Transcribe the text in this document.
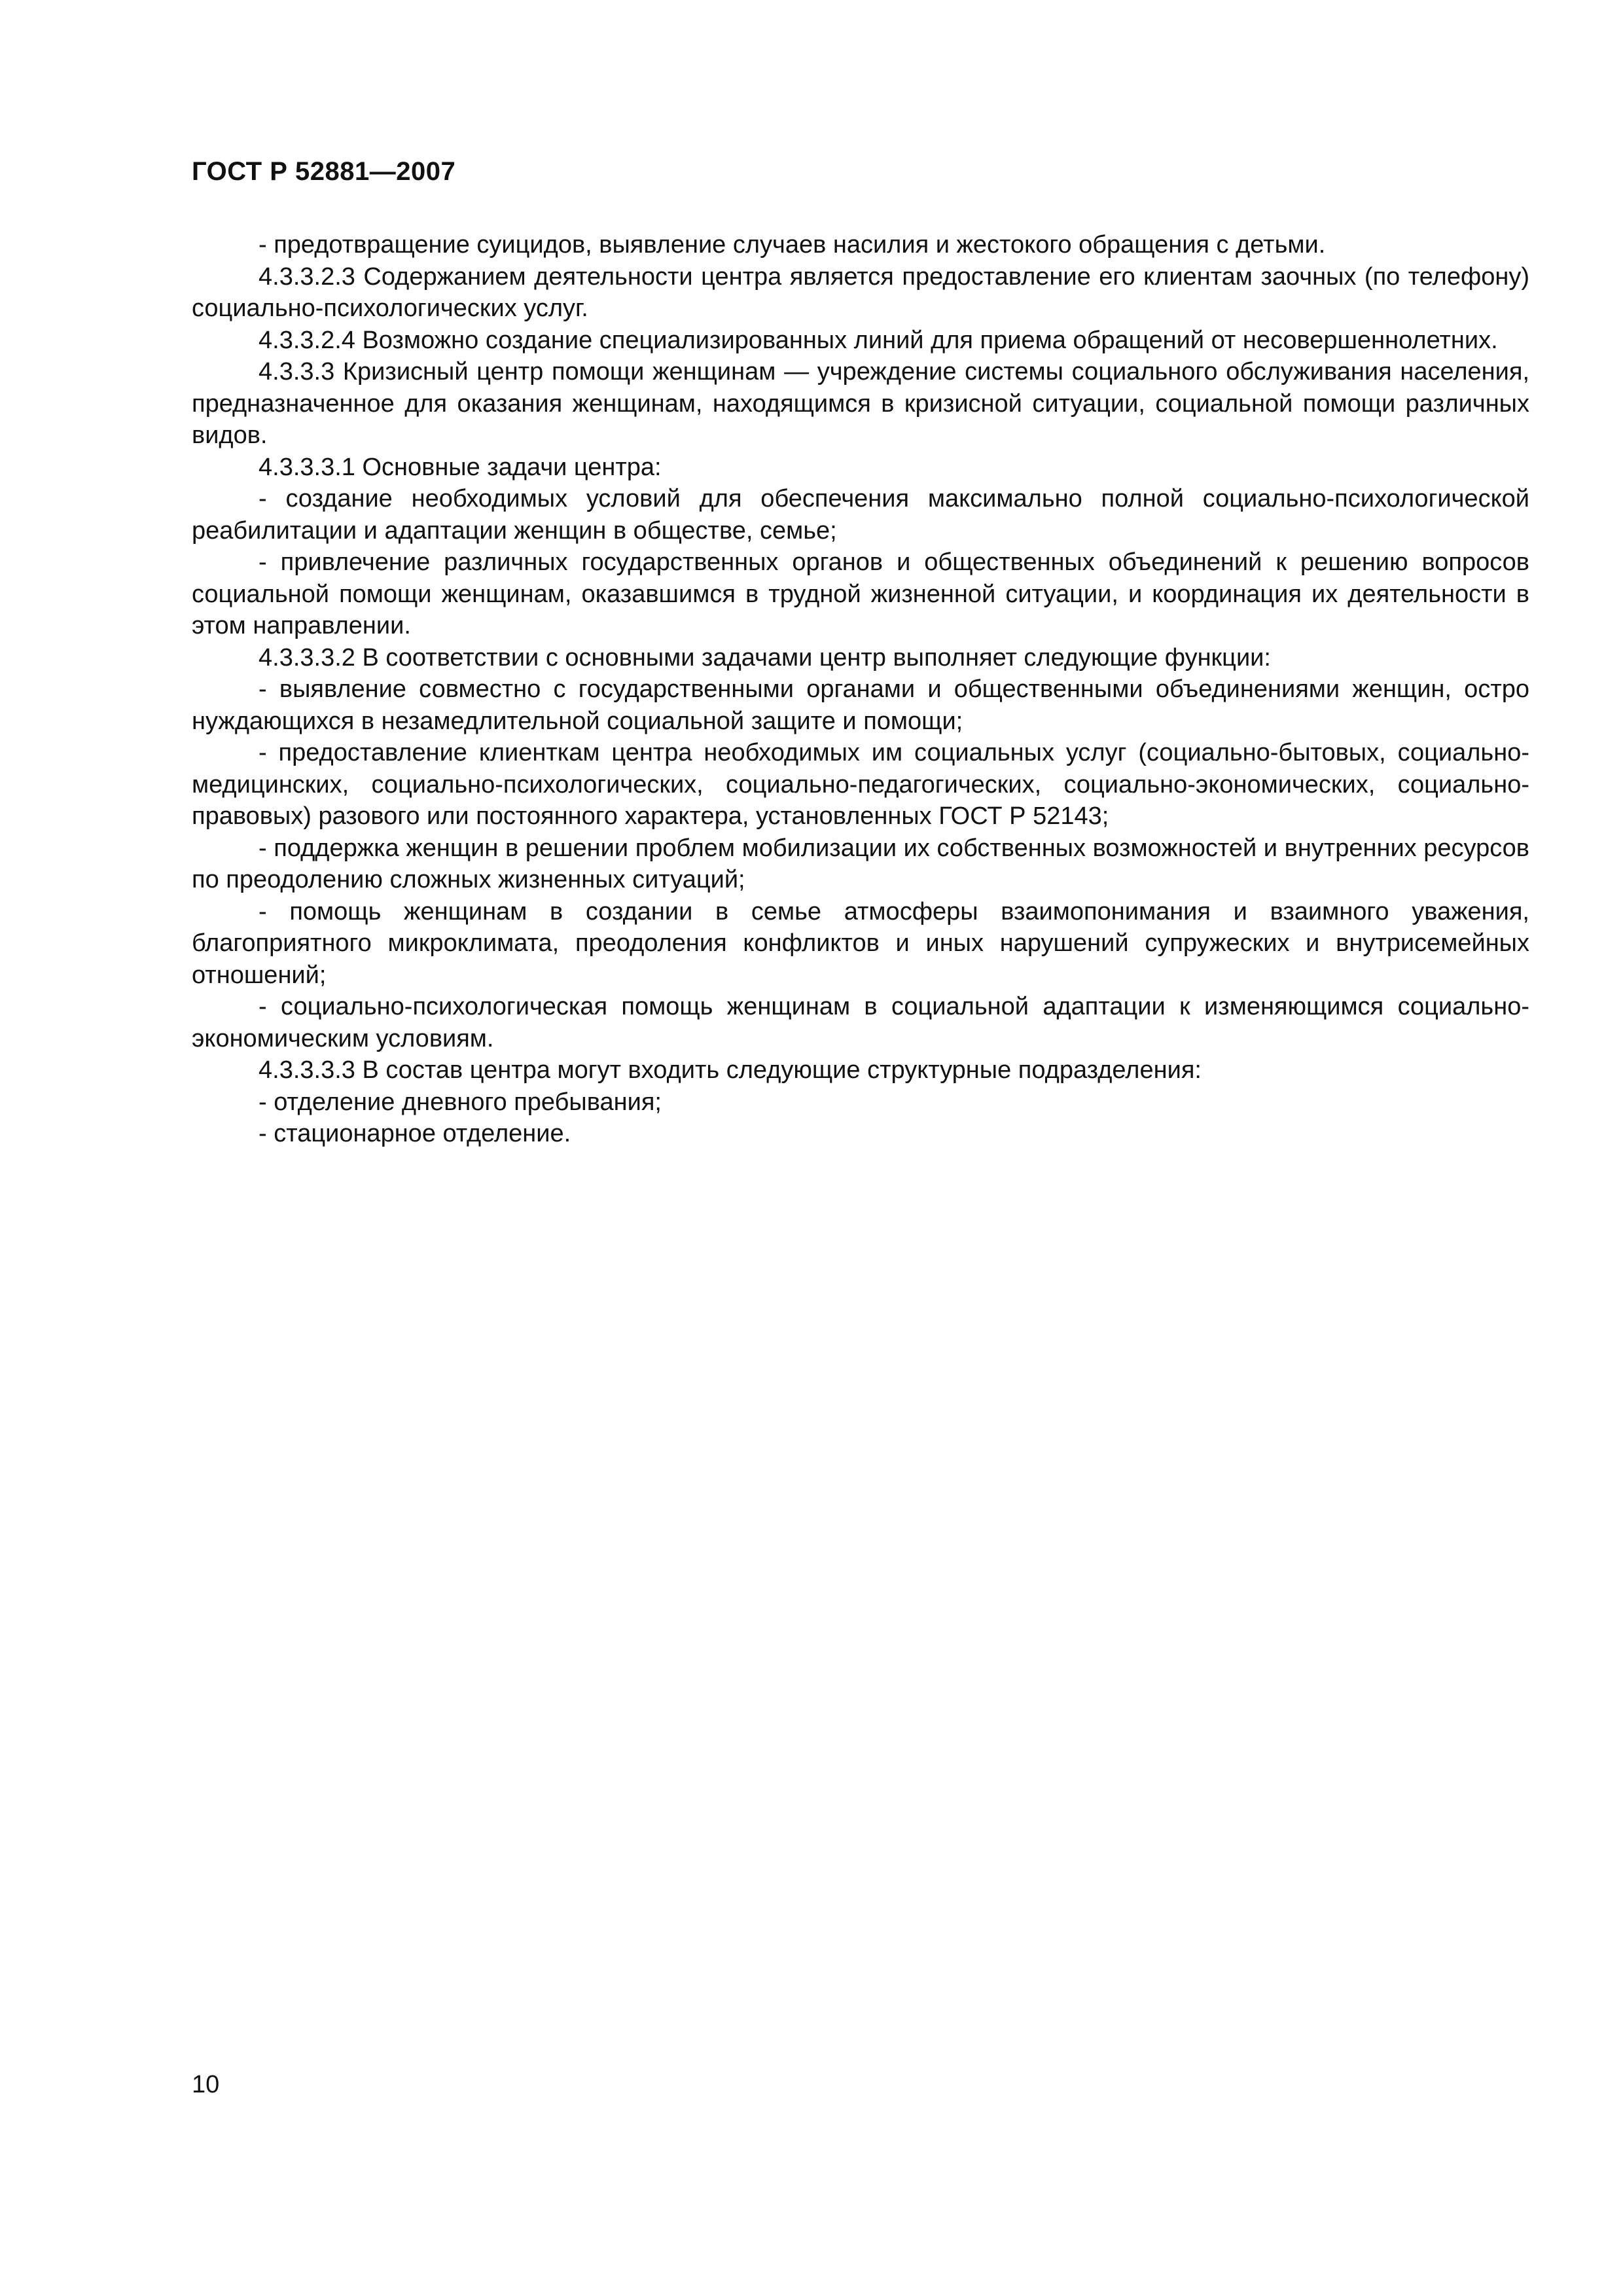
ГОСТ Р 52881—2007

- предотвращение суицидов, выявление случаев насилия и жестокого обращения с детьми.

4.3.3.2.3 Содержанием деятельности центра является предоставление его клиентам заочных (по телефону) социально-психологических услуг.

4.3.3.2.4 Возможно создание специализированных линий для приема обращений от несовершеннолетних.

4.3.3.3 Кризисный центр помощи женщинам — учреждение системы социального обслуживания населения, предназначенное для оказания женщинам, находящимся в кризисной ситуации, социальной помощи различных видов.

4.3.3.3.1 Основные задачи центра:

- создание необходимых условий для обеспечения максимально полной социально-психологической реабилитации и адаптации женщин в обществе, семье;

- привлечение различных государственных органов и общественных объединений к решению вопросов социальной помощи женщинам, оказавшимся в трудной жизненной ситуации, и координация их деятельности в этом направлении.

4.3.3.3.2 В соответствии с основными задачами центр выполняет следующие функции:

- выявление совместно с государственными органами и общественными объединениями женщин, остро нуждающихся в незамедлительной социальной защите и помощи;

- предоставление клиенткам центра необходимых им социальных услуг (социально-бытовых, социально-медицинских, социально-психологических, социально-педагогических, социально-экономических, социально-правовых) разового или постоянного характера, установленных ГОСТ Р 52143;

- поддержка женщин в решении проблем мобилизации их собственных возможностей и внутренних ресурсов по преодолению сложных жизненных ситуаций;

- помощь женщинам в создании в семье атмосферы взаимопонимания и взаимного уважения, благоприятного микроклимата, преодоления конфликтов и иных нарушений супружеских и внутрисемейных отношений;

- социально-психологическая помощь женщинам в социальной адаптации к изменяющимся социально-экономическим условиям.

4.3.3.3.3 В состав центра могут входить следующие структурные подразделения:

- отделение дневного пребывания;

- стационарное отделение.

10
